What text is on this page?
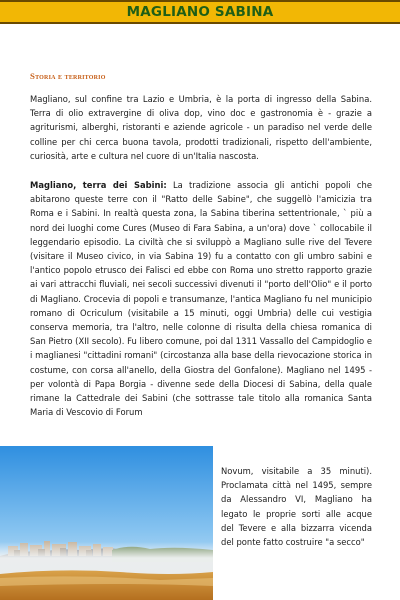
MAGLIANO SABINA
Storia e territorio

Magliano, sul confine tra Lazio e Umbria, è la porta di ingresso della Sabina. Terra di olio extravergine di oliva dop, vino doc e gastronomia è - grazie a agriturismi, alberghi, ristoranti e aziende agricole - un paradiso nel verde delle colline per chi cerca buona tavola, prodotti tradizionali, rispetto dell'ambiente, curiosità, arte e cultura nel cuore di un'Italia nascosta.

Magliano, terra dei Sabini: La tradizione associa gli antichi popoli che abitarono queste terre con il "Ratto delle Sabine", che suggellò l'amicizia tra Roma e i Sabini. In realtà questa zona, la Sabina tiberina settentrionale, ` più a nord dei luoghi come Cures (Museo di Fara Sabina, a un'ora) dove ` collocabile il leggendario episodio. La civiltà che si sviluppò a Magliano sulle rive del Tevere (visitare il Museo civico, in via Sabina 19) fu a contatto con gli umbro sabini e l'antico popolo etrusco dei Falisci ed ebbe con Roma uno stretto rapporto grazie ai vari attracchi fluviali, nei secoli successivi divenuti il "porto dell'Olio" e il porto di Magliano. Crocevia di popoli e transumanze, l'antica Magliano fu nel municipio romano di Ocriculum (visitabile a 15 minuti, oggi Umbria) delle cui vestigia conserva memoria, tra l'altro, nelle colonne di risulta della chiesa romanica di San Pietro (XII secolo). Fu libero comune, poi dal 1311 Vassallo del Campidoglio e i maglianesi "cittadini romani" (circostanza alla base della rievocazione storica in costume, con corsa all'anello, della Giostra del Gonfalone). Magliano nel 1495 - per volontà di Papa Borgia - divenne sede della Diocesi di Sabina, della quale rimane la Cattedrale dei Sabini (che sottrasse tale titolo alla romanica Santa Maria di Vescovio di Forum

Novum, visitabile a 35 minuti). Proclamata città nel 1495, sempre da Alessandro VI, Magliano ha legato le proprie sorti alle acque del Tevere e alla bizzarra vicenda del ponte fatto costruire "a secco"
